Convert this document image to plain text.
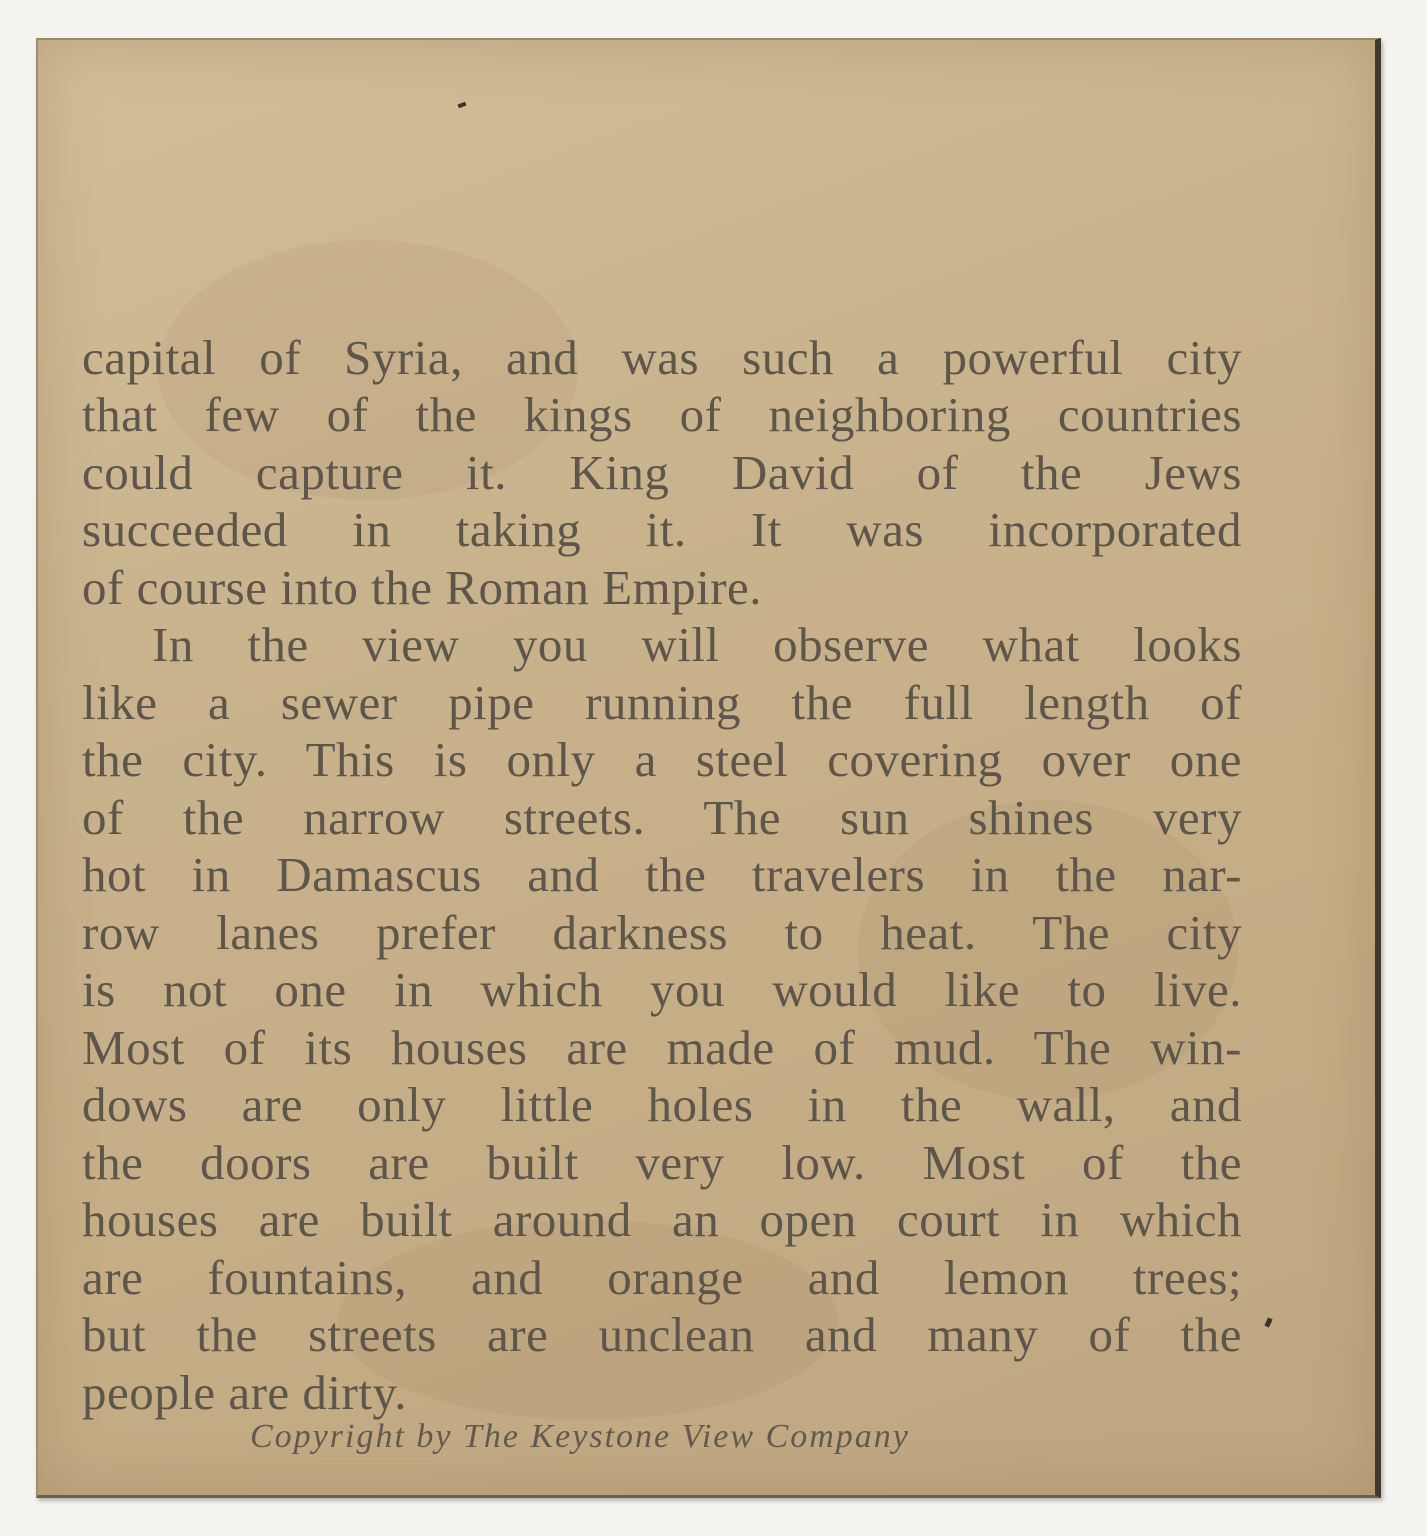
capital of Syria, and was such a powerful city
that few of the kings of neighboring countries
could capture it. King David of the Jews
succeeded in taking it. It was incorporated
of course into the Roman Empire.
In the view you will observe what looks
like a sewer pipe running the full length of
the city. This is only a steel covering over one
of the narrow streets. The sun shines very
hot in Damascus and the travelers in the nar-
row lanes prefer darkness to heat. The city
is not one in which you would like to live.
Most of its houses are made of mud. The win-
dows are only little holes in the wall, and
the doors are built very low. Most of the
houses are built around an open court in which
are fountains, and orange and lemon trees;
but the streets are unclean and many of the
people are dirty.
Copyright by The Keystone View Company
